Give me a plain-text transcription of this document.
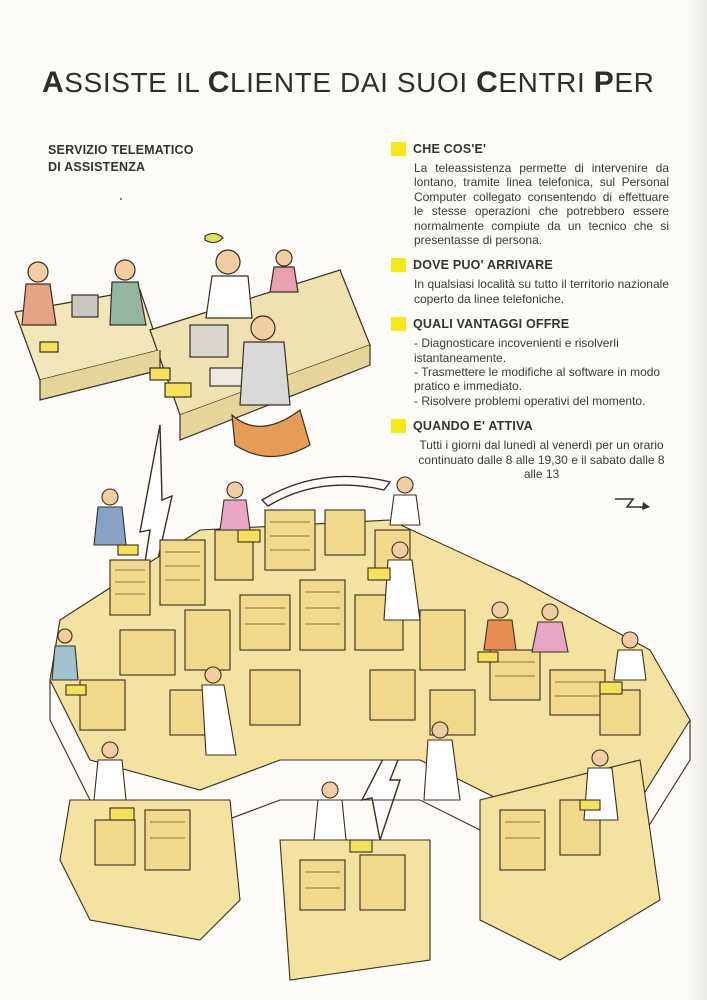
ASSISTE IL CLIENTE DAI SUOI CENTRI PER
SERVIZIO TELEMATICO
DI ASSISTENZA
CHE COS'E'

La teleassistenza permette di intervenire da lontano, tramite linea telefonica, sul Personal Computer collegato consentendo di effettuare le stesse operazioni che potrebbero essere normalmente compiute da un tecnico che si presentasse di persona.

DOVE PUO' ARRIVARE

In qualsiasi località su tutto il territorio nazionale coperto da linee telefoniche.

QUALI VANTAGGI OFFRE

- Diagnosticare incovenienti e risolverli istantaneamente.

- Trasmettere le modifiche al software in modo pratico e immediato.

- Risolvere problemi operativi del momento.

QUANDO E' ATTIVA

Tutti i giorni dal lunedì al venerdì per un orario continuato dalle 8 alle 19,30 e il sabato dalle 8 alle 13
